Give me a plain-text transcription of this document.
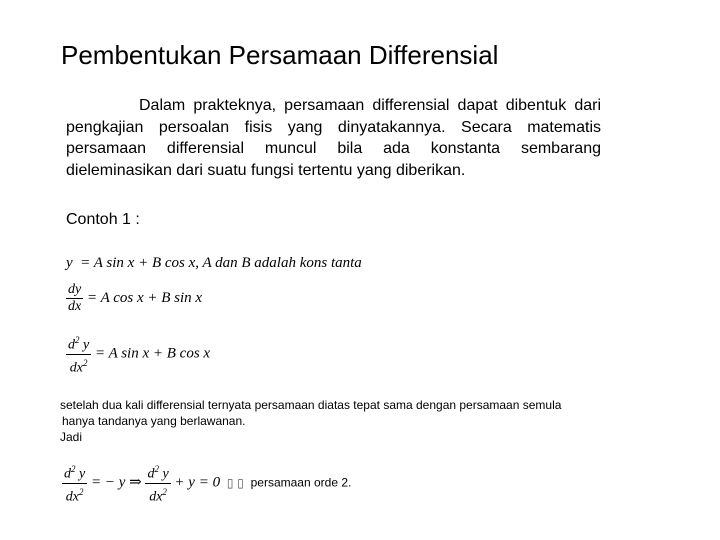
Pembentukan Persamaan Differensial
Dalam prakteknya, persamaan differensial dapat dibentuk dari pengkajian persoalan fisis yang dinyatakannya. Secara matematis persamaan differensial muncul bila ada konstanta sembarang dieleminasikan dari suatu fungsi tertentu yang diberikan.
Contoh 1 :
y = A sin x + B cos x, A dan B adalah kons tanta
$\frac{dy}{dx} = A$ cos x + B sin x
$\frac{d^2 y}{dx^2} = A$ sin x + B cos x
setelah dua kali differensial ternyata persamaan diatas tepat sama dengan persamaan semula
hanya tandanya yang berlawanan.
Jadi
$\frac{d^2 y}{dx^2}$ = − y ⇒ $\frac{d^2 y}{dx^2} + y = 0$ ▯ ▯ persamaan orde 2.
